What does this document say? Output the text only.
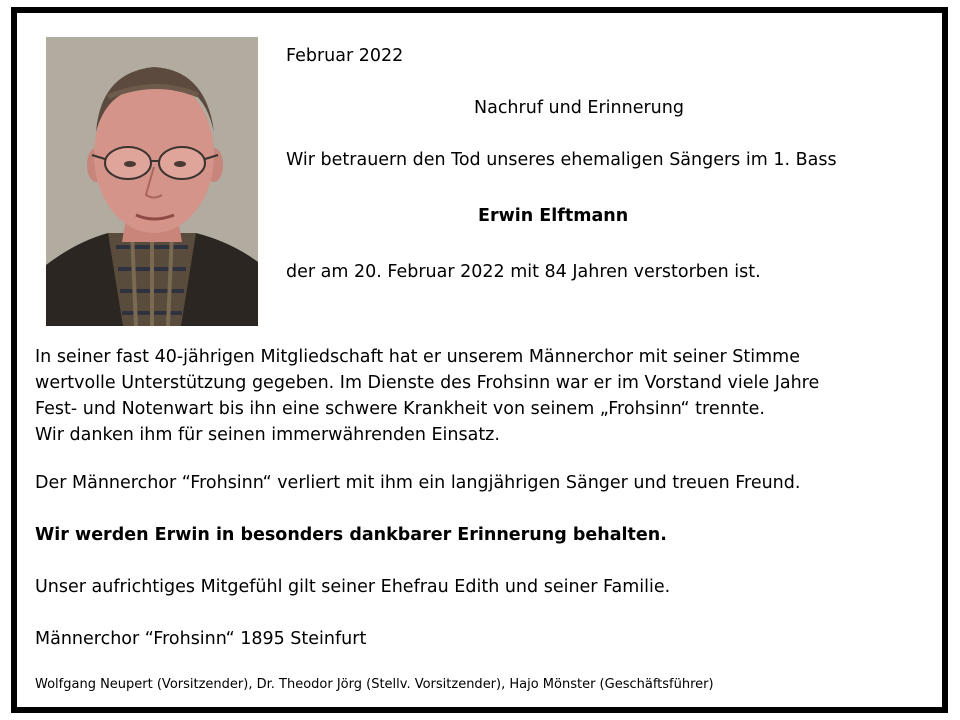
Februar 2022
Nachruf und Erinnerung
Wir betrauern den Tod unseres ehemaligen Sängers im 1. Bass
Erwin Elftmann
der am 20. Februar 2022 mit 84 Jahren verstorben ist.
In seiner fast 40-jährigen Mitgliedschaft hat er unserem Männerchor mit seiner Stimme
wertvolle Unterstützung gegeben. Im Dienste des Frohsinn war er im Vorstand viele Jahre
Fest- und Notenwart bis ihn eine schwere Krankheit von seinem „Frohsinn“ trennte.
Wir danken ihm für seinen immerwährenden Einsatz.
Der Männerchor “Frohsinn“ verliert mit ihm ein langjährigen Sänger und treuen Freund.
Wir werden Erwin in besonders dankbarer Erinnerung behalten.
Unser aufrichtiges Mitgefühl gilt seiner Ehefrau Edith und seiner Familie.
Männerchor “Frohsinn“ 1895 Steinfurt
Wolfgang Neupert (Vorsitzender), Dr. Theodor Jörg (Stellv. Vorsitzender), Hajo Mönster (Geschäftsführer)
